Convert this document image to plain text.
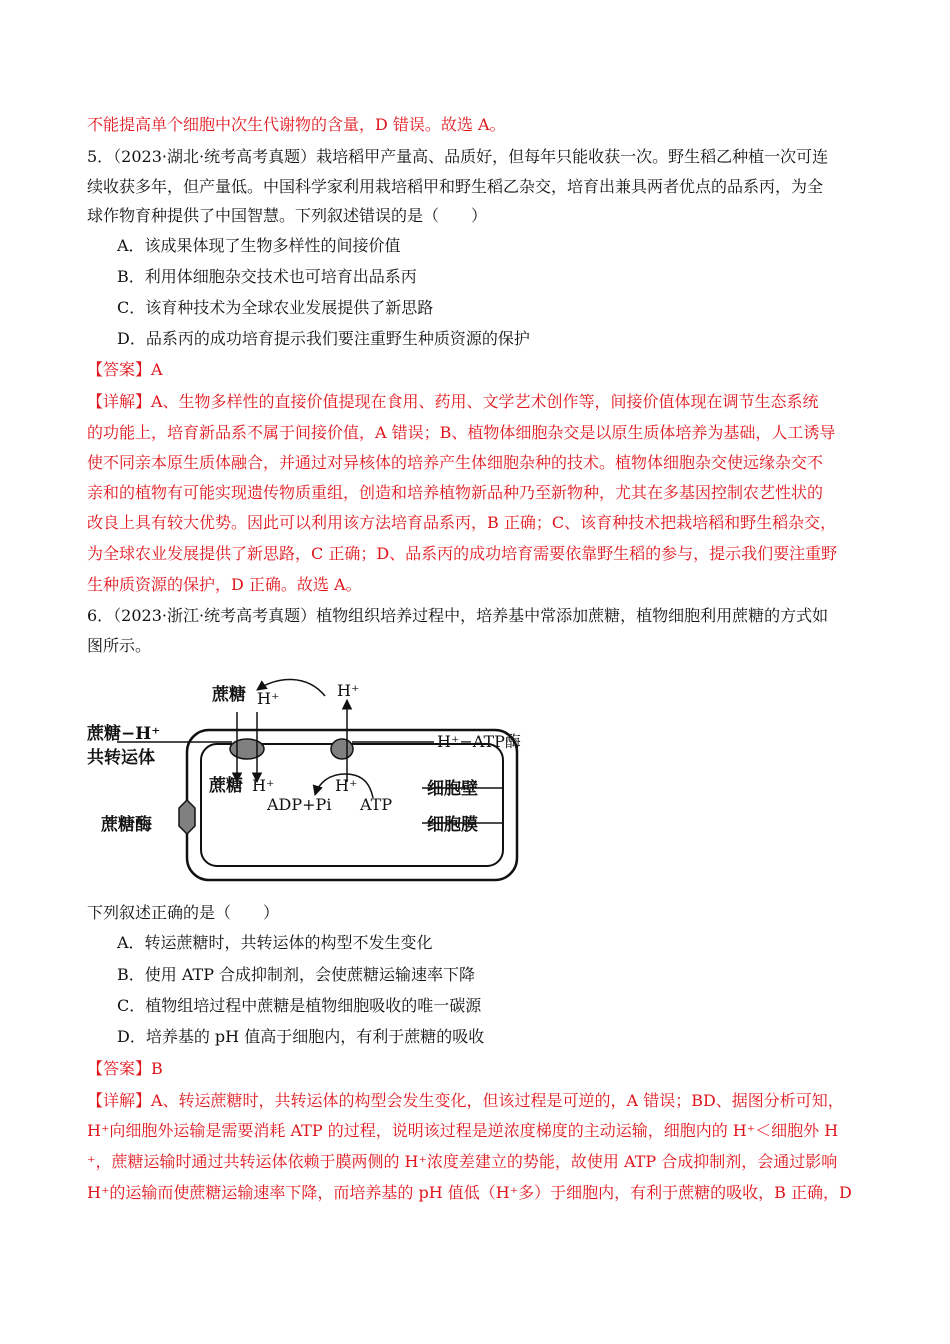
不能提高单个细胞中次生代谢物的含量，D 错误。故选 A。
5．（2023·湖北·统考高考真题）栽培稻甲产量高、品质好，但每年只能收获一次。野生稻乙种植一次可连
续收获多年，但产量低。中国科学家利用栽培稻甲和野生稻乙杂交，培育出兼具两者优点的品系丙，为全
球作物育种提供了中国智慧。下列叙述错误的是（　　）
A．该成果体现了生物多样性的间接价值
B．利用体细胞杂交技术也可培育出品系丙
C．该育种技术为全球农业发展提供了新思路
D．品系丙的成功培育提示我们要注重野生种质资源的保护
【答案】A
【详解】A、生物多样性的直接价值提现在食用、药用、文学艺术创作等，间接价值体现在调节生态系统
的功能上，培育新品系不属于间接价值，A 错误；B、植物体细胞杂交是以原生质体培养为基础，人工诱导
使不同亲本原生质体融合，并通过对异核体的培养产生体细胞杂种的技术。植物体细胞杂交使远缘杂交不
亲和的植物有可能实现遗传物质重组，创造和培养植物新品种乃至新物种，尤其在多基因控制农艺性状的
改良上具有较大优势。因此可以利用该方法培育品系丙，B 正确；C、该育种技术把栽培稻和野生稻杂交，
为全球农业发展提供了新思路，C 正确；D、品系丙的成功培育需要依靠野生稻的参与，提示我们要注重野
生种质资源的保护，D 正确。故选 A。
6．（2023·浙江·统考高考真题）植物组织培养过程中，培养基中常添加蔗糖，植物细胞利用蔗糖的方式如
图所示。
蔗糖 H⁺	H⁺
蔗糖−H⁺
共转运体
H⁺−ATP酶
蔗糖 H⁺	H⁺
ADP+Pi ATP
细胞壁
蔗糖酶	细胞膜
下列叙述正确的是（　　）
A．转运蔗糖时，共转运体的构型不发生变化
B．使用 ATP 合成抑制剂，会使蔗糖运输速率下降
C．植物组培过程中蔗糖是植物细胞吸收的唯一碳源
D．培养基的 pH 值高于细胞内，有利于蔗糖的吸收
【答案】B
【详解】A、转运蔗糖时，共转运体的构型会发生变化，但该过程是可逆的，A 错误；BD、据图分析可知，
H⁺向细胞外运输是需要消耗 ATP 的过程，说明该过程是逆浓度梯度的主动运输，细胞内的 H⁺＜细胞外 H
⁺，蔗糖运输时通过共转运体依赖于膜两侧的 H⁺浓度差建立的势能，故使用 ATP 合成抑制剂，会通过影响
H⁺的运输而使蔗糖运输速率下降，而培养基的 pH 值低（H⁺多）于细胞内，有利于蔗糖的吸收，B 正确，D
